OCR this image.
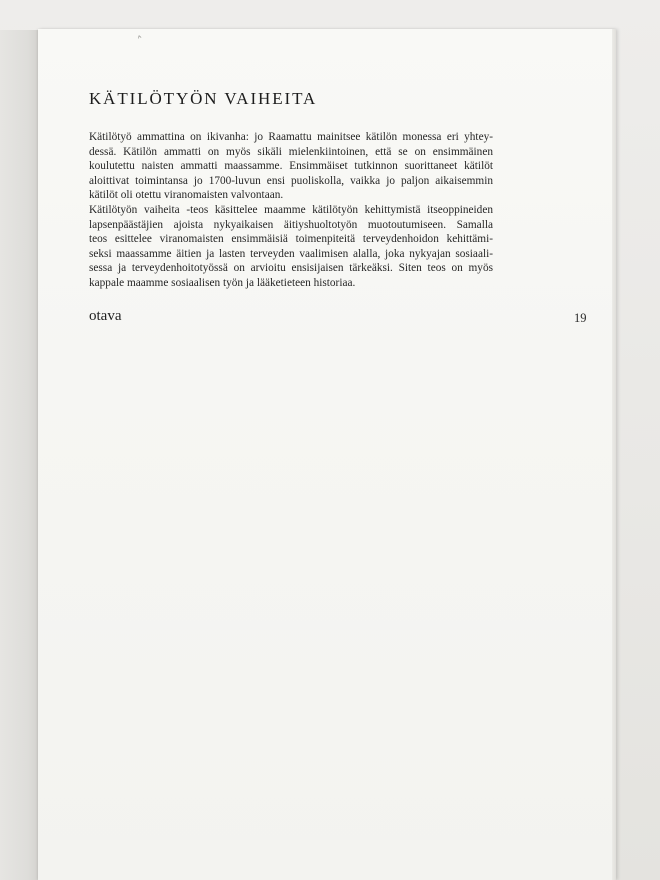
˄
KÄTILÖTYÖN VAIHEITA
Kätilötyö ammattina on ikivanha: jo Raamattu mainitsee kätilön monessa eri yhtey-
dessä. Kätilön ammatti on myös sikäli mielenkiintoinen, että se on ensimmäinen
koulutettu naisten ammatti maassamme. Ensimmäiset tutkinnon suorittaneet kätilöt
aloittivat toimintansa jo 1700-luvun ensi puoliskolla, vaikka jo paljon aikaisemmin
kätilöt oli otettu viranomaisten valvontaan.
Kätilötyön vaiheita -teos käsittelee maamme kätilötyön kehittymistä itseoppineiden
lapsenpäästäjien ajoista nykyaikaisen äitiyshuoltotyön muotoutumiseen. Samalla
teos esittelee viranomaisten ensimmäisiä toimenpiteitä terveydenhoidon kehittämi-
seksi maassamme äitien ja lasten terveyden vaalimisen alalla, joka nykyajan sosiaali-
sessa ja terveydenhoitotyössä on arvioitu ensisijaisen tärkeäksi. Siten teos on myös
kappale maamme sosiaalisen työn ja lääketieteen historiaa.
otava	19
